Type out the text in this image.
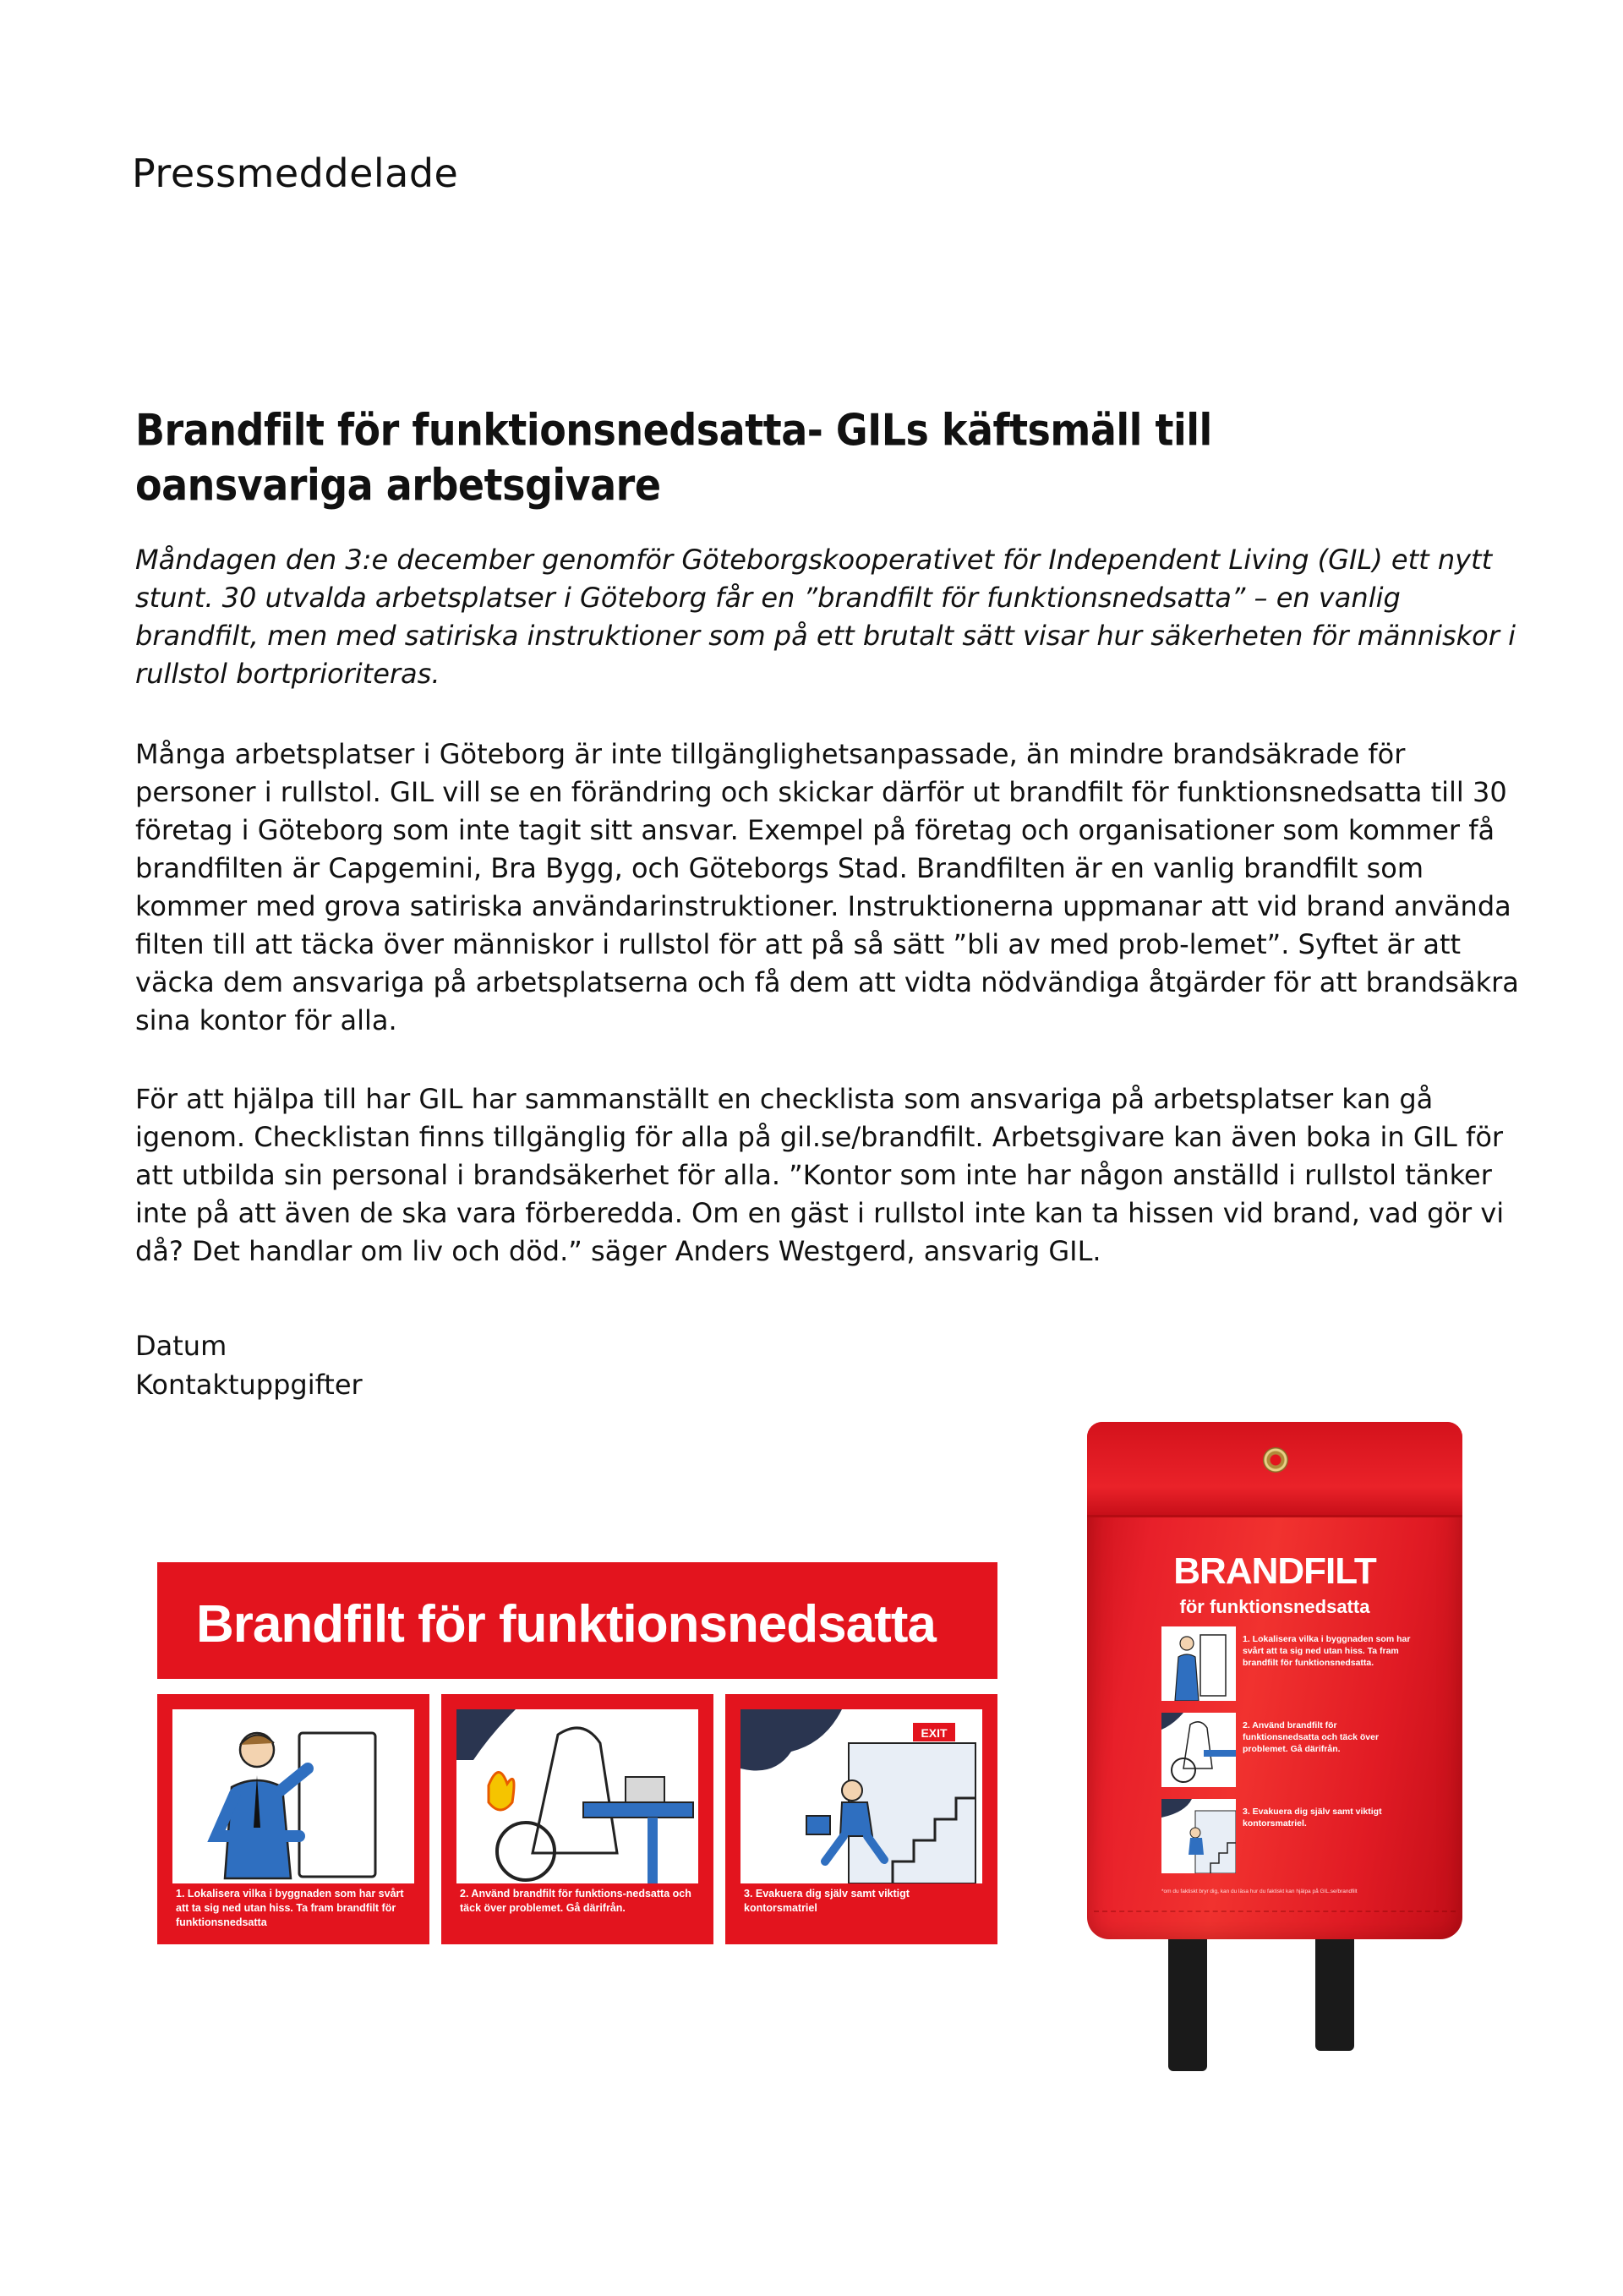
Pressmeddelade
Brandfilt för funktionsnedsatta- GILs käftsmäll till
oansvariga arbetsgivare

Måndagen den 3:e december genomför Göteborgskooperativet för Independent Living (GIL) ett nytt stunt. 30 utvalda arbetsplatser i Göteborg får en ”brandfilt för funktionsnedsatta” – en vanlig brandfilt, men med satiriska instruktioner som på ett brutalt sätt visar hur säkerheten för människor i rullstol bortprioriteras.

Många arbetsplatser i Göteborg är inte tillgänglighetsanpassade, än mindre brandsäkrade för personer i rullstol. GIL vill se en förändring och skickar därför ut brandfilt för funktionsnedsatta till 30 företag i Göteborg som inte tagit sitt ansvar. Exempel på företag och organisationer som kommer få brandfilten är Capgemini, Bra Bygg, och Göteborgs Stad. Brandfilten är en vanlig brandfilt som kommer med grova satiriska användarinstruktioner. Instruktionerna uppmanar att vid brand använda filten till att täcka över människor i rullstol för att på så sätt ”bli av med prob-lemet”. Syftet är att väcka dem ansvariga på arbetsplatserna och få dem att vidta nödvändiga åtgärder för att brandsäkra sina kontor för alla.

För att hjälpa till har GIL har sammanställt en checklista som ansvariga på arbetsplatser kan gå igenom. Checklistan finns tillgänglig för alla på gil.se/brandfilt. Arbetsgivare kan även boka in GIL för att utbilda sin personal i brandsäkerhet för alla. ”Kontor som inte har någon anställd i rullstol tänker inte på att även de ska vara förberedda. Om en gäst i rullstol inte kan ta hissen vid brand, vad gör vi då? Det handlar om liv och död.” säger Anders Westgerd, ansvarig GIL.

Datum
Kontaktuppgifter
Brandfilt för funktionsnedsatta
1. Lokalisera vilka i byggnaden som har svårt att ta sig ned utan hiss. Ta fram brandfilt för funktionsnedsatta
2. Använd brandfilt för funktions-nedsatta och täck över problemet. Gå därifrån.
EXIT
3. Evakuera dig själv samt viktigt kontorsmatriel
BRANDFILT
för funktionsnedsatta
1. Lokalisera vilka i byggnaden som har svårt att ta sig ned utan hiss. Ta fram brandfilt för funktionsnedsatta.
2. Använd brandfilt för funktionsnedsatta och täck över problemet. Gå därifrån.
3. Evakuera dig själv samt viktigt kontorsmatriel.
*om du faktiskt bryr dig, kan du läsa hur du faktiskt kan hjälpa på GIL.se/brandfilt
